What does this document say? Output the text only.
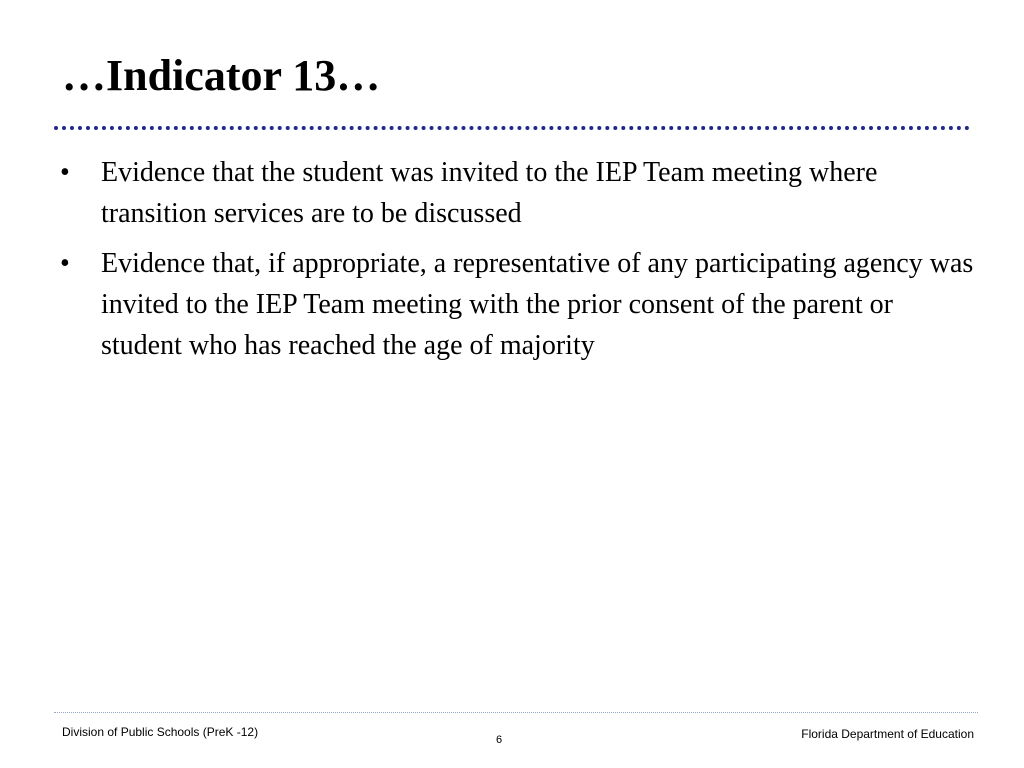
…Indicator 13…
•	Evidence that the student was invited to the IEP Team meeting where transition services are to be discussed
•	Evidence that, if appropriate, a representative of any participating agency was invited to the IEP Team meeting with the prior consent of the parent or student who has reached the age of majority
Division of Public Schools (PreK -12)
6	Florida Department of Education
